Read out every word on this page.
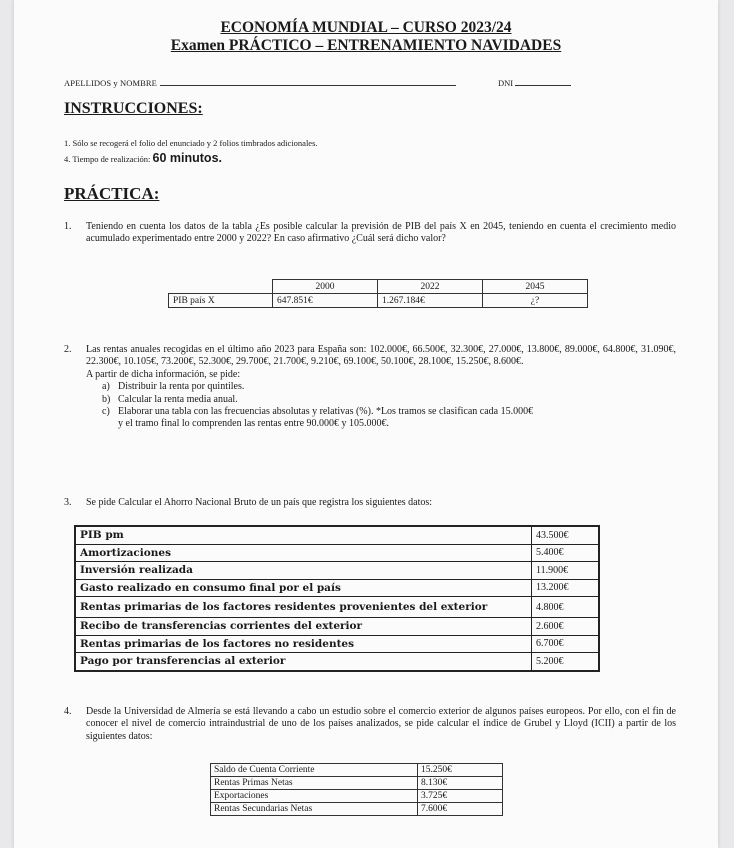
ECONOMÍA MUNDIAL – CURSO 2023/24
Examen PRÁCTICO – ENTRENAMIENTO NAVIDADES
APELLIDOS y NOMBRE	DNI
INSTRUCCIONES:
1. Sólo se recogerá el folio del enunciado y 2 folios timbrados adicionales.
4. Tiempo de realización: 60 minutos.
PRÁCTICA:
1. Teniendo en cuenta los datos de la tabla ¿Es posible calcular la previsión de PIB del país X en 2045, teniendo en cuenta el crecimiento medio acumulado experimentado entre 2000 y 2022? En caso afirmativo ¿Cuál será dicho valor?
	2000	2022	2045
PIB país X	647.851€	1.267.184€	¿?
2. Las rentas anuales recogidas en el último año 2023 para España son: 102.000€, 66.500€, 32.300€, 27.000€, 13.800€, 89.000€, 64.800€, 31.090€, 22.300€, 10.105€, 73.200€, 52.300€, 29.700€, 21.700€, 9.210€, 69.100€, 50.100€, 28.100€, 15.250€, 8.600€.
A partir de dicha información, se pide:
a) Distribuir la renta por quintiles.
b) Calcular la renta media anual.
c) Elaborar una tabla con las frecuencias absolutas y relativas (%). *Los tramos se clasifican cada 15.000€
y el tramo final lo comprenden las rentas entre 90.000€ y 105.000€.
3. Se pide Calcular el Ahorro Nacional Bruto de un país que registra los siguientes datos:
PIB pm	43.500€
Amortizaciones	5.400€
Inversión realizada	11.900€
Gasto realizado en consumo final por el país	13.200€
Rentas primarias de los factores residentes provenientes del exterior	4.800€
Recibo de transferencias corrientes del exterior	2.600€
Rentas primarias de los factores no residentes	6.700€
Pago por transferencias al exterior	5.200€
4. Desde la Universidad de Almería se está llevando a cabo un estudio sobre el comercio exterior de algunos países europeos. Por ello, con el fin de conocer el nivel de comercio intraindustrial de uno de los países analizados, se pide calcular el índice de Grubel y Lloyd (ICII) a partir de los siguientes datos:
Saldo de Cuenta Corriente	15.250€
Rentas Primas Netas	8.130€
Exportaciones	3.725€
Rentas Secundarias Netas	7.600€
